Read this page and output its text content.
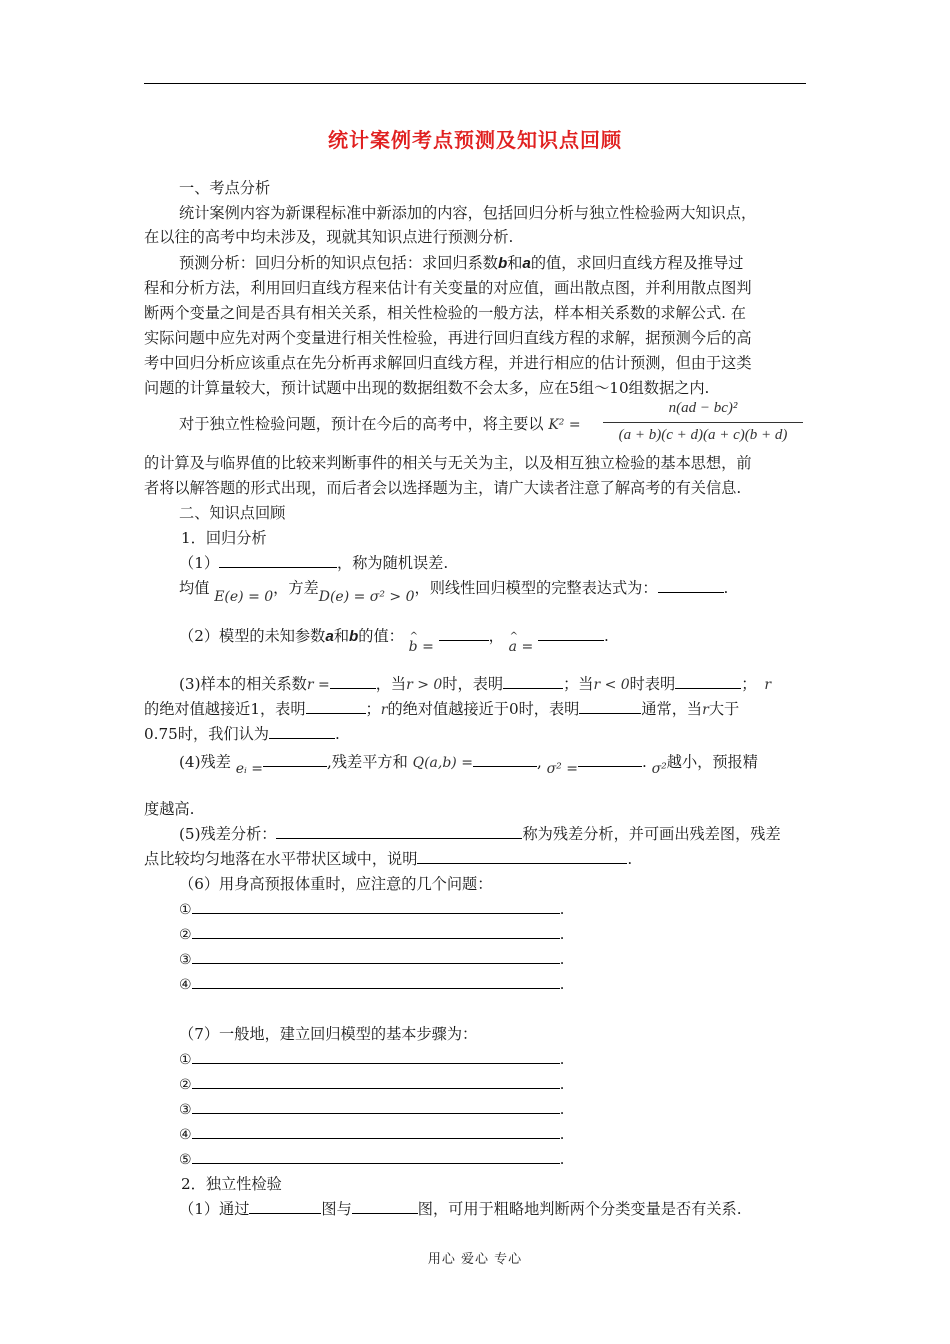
统计案例考点预测及知识点回顾
一、考点分析
统计案例内容为新课程标准中新添加的内容，包括回归分析与独立性检验两大知识点，
在以往的高考中均未涉及，现就其知识点进行预测分析.
预测分析：回归分析的知识点包括：求回归系数b和a的值，求回归直线方程及推导过
程和分析方法，利用回归直线方程来估计有关变量的对应值，画出散点图，并利用散点图判
断两个变量之间是否具有相关关系，相关性检验的一般方法，样本相关系数的求解公式. 在
实际问题中应先对两个变量进行相关性检验，再进行回归直线方程的求解，据预测今后的高
考中回归分析应该重点在先分析再求解回归直线方程，并进行相应的估计预测，但由于这类
问题的计算量较大，预计试题中出现的数据组数不会太多，应在5组～10组数据之内.
对于独立性检验问题，预计在今后的高考中，将主要以 K² =
n(ad − bc)²
(a + b)(c + d)(a + c)(b + d)
的计算及与临界值的比较来判断事件的相关与无关为主，以及相互独立检验的基本思想，前
者将以解答题的形式出现，而后者会以选择题为主，请广大读者注意了解高考的有关信息.
二、知识点回顾
1．回归分析
（1）	，称为随机误差.
均值 E(e) = 0，方差D(e) = σ² > 0，则线性回归模型的完整表达式为：	.
（2）模型的未知参数a和b的值： ^ b = ， ^ a = .
(3)样本的相关系数r =	，当r > 0时，表明	；当r < 0时表明	； r
的绝对值越接近1，表明	；r的绝对值越接近于0时，表明	通常，当r大于
0.75时，我们认为	.
(4)残差 eᵢ =	,残差平方和 Q(a,b) =	, σ² =	. σ²越小，预报精
度越高.
(5)残差分析：	称为残差分析，并可画出残差图，残差
点比较均匀地落在水平带状区域中，说明	.
（6）用身高预报体重时，应注意的几个问题：
①	.
②	.
③	.
④	.
（7）一般地，建立回归模型的基本步骤为：
①	.
②	.
③	.
④	.
⑤	.
2．独立性检验
（1）通过	图与	图，可用于粗略地判断两个分类变量是否有关系.
用心 爱心 专心
